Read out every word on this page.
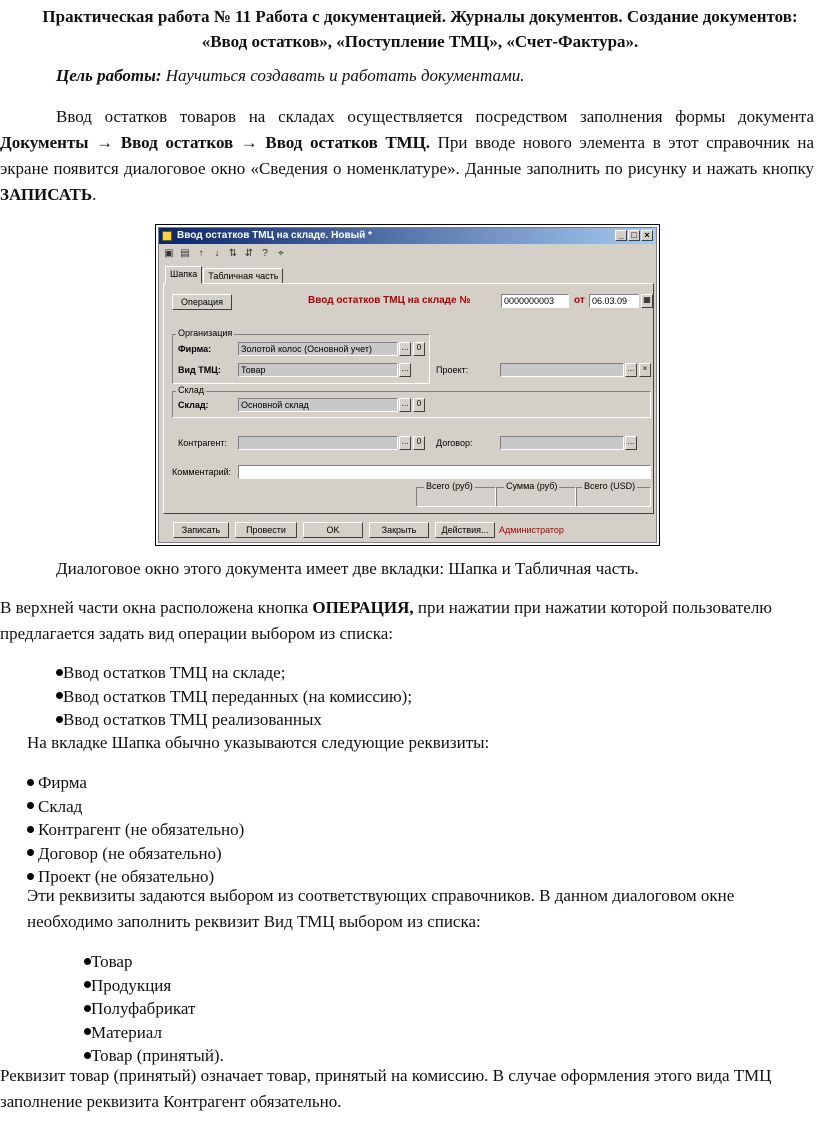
Практическая работа № 11 Работа с документацией. Журналы документов. Создание документов: «Ввод остатков», «Поступление ТМЦ», «Счет-Фактура».
Цель работы: Научиться создавать и работать документами.
Ввод остатков товаров на складах осуществляется посредством заполнения формы документа Документы → Ввод остатков → Ввод остатков ТМЦ. При вводе нового элемента в этот справочник на экране появится диалоговое окно «Сведения о номенклатуре». Данные заполнить по рисунку и нажать кнопку ЗАПИСАТЬ.
Ввод остатков ТМЦ на складе. Новый *	_ □ ×
▣ ▤ ↑	↓ ⇅ ⇵ ?	⌖
Шапка	Табличная часть
Операция	Ввод остатков ТМЦ на складе №	0000000003	от 06.03.09	▦
Организация
Фирма:	Золотой колос (Основной учет)	… 0
Вид ТМЦ:	Товар	…	Проект:	… ×
Склад
Склад:	Основной склад	… 0
Контрагент:	… 0	Договор:	…
Комментарий:
Всего (руб)	Сумма (руб)	Всего (USD)
Записать	Провести	OK	Закрыть	Действия...	Администратор
Диалоговое окно этого документа имеет две вкладки: Шапка и Табличная часть.
В верхней части окна расположена кнопка ОПЕРАЦИЯ, при нажатии при нажатии которой пользователю предлагается задать вид операции выбором из списка:
Ввод остатков ТМЦ на складе;
Ввод остатков ТМЦ переданных (на комиссию);
Ввод остатков ТМЦ реализованных
На вкладке Шапка обычно указываются следующие реквизиты:
Фирма
Склад
Контрагент (не обязательно)
Договор (не обязательно)
Проект (не обязательно)
Эти реквизиты задаются выбором из соответствующих справочников. В данном диалоговом окне необходимо заполнить реквизит Вид ТМЦ выбором из списка:
Товар
Продукция
Полуфабрикат
Материал
Товар (принятый).
Реквизит товар (принятый) означает товар, принятый на комиссию. В случае оформления этого вида ТМЦ заполнение реквизита Контрагент обязательно.
